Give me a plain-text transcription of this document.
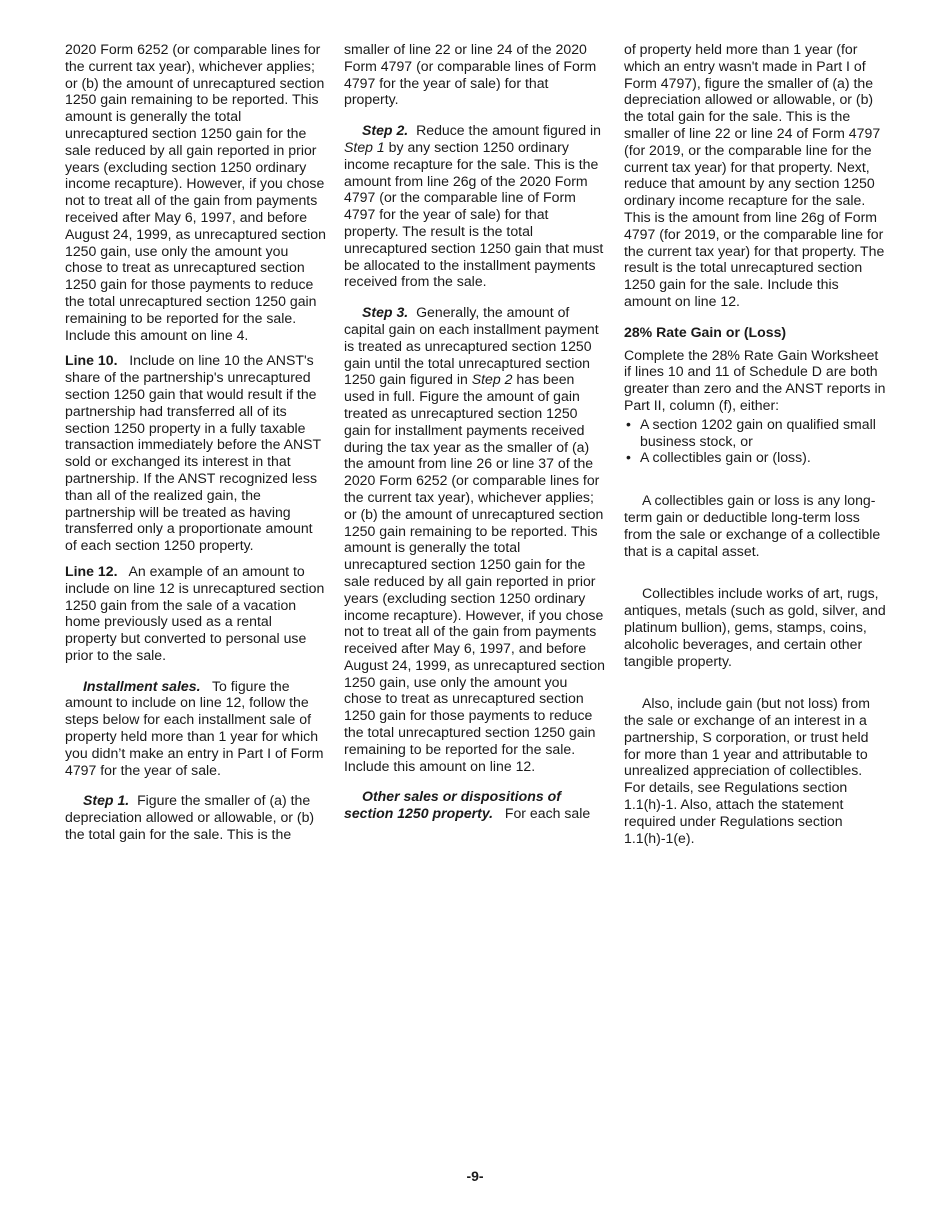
2020 Form 6252 (or comparable lines for the current tax year), whichever applies; or (b) the amount of unrecaptured section 1250 gain remaining to be reported. This amount is generally the total unrecaptured section 1250 gain for the sale reduced by all gain reported in prior years (excluding section 1250 ordinary income recapture). However, if you chose not to treat all of the gain from payments received after May 6, 1997, and before August 24, 1999, as unrecaptured section 1250 gain, use only the amount you chose to treat as unrecaptured section 1250 gain for those payments to reduce the total unrecaptured section 1250 gain remaining to be reported for the sale. Include this amount on line 4.

Line 10. Include on line 10 the ANST's share of the partnership's unrecaptured section 1250 gain that would result if the partnership had transferred all of its section 1250 property in a fully taxable transaction immediately before the ANST sold or exchanged its interest in that partnership. If the ANST recognized less than all of the realized gain, the partnership will be treated as having transferred only a proportionate amount of each section 1250 property.

Line 12. An example of an amount to include on line 12 is unrecaptured section 1250 gain from the sale of a vacation home previously used as a rental property but converted to personal use prior to the sale.

Installment sales. To figure the amount to include on line 12, follow the steps below for each installment sale of property held more than 1 year for which you didn’t make an entry in Part I of Form 4797 for the year of sale.

Step 1. Figure the smaller of (a) the depreciation allowed or allowable, or (b) the total gain for the sale. This is the

smaller of line 22 or line 24 of the 2020 Form 4797 (or comparable lines of Form 4797 for the year of sale) for that property.

Step 2. Reduce the amount figured in Step 1 by any section 1250 ordinary income recapture for the sale. This is the amount from line 26g of the 2020 Form 4797 (or the comparable line of Form 4797 for the year of sale) for that property. The result is the total unrecaptured section 1250 gain that must be allocated to the installment payments received from the sale.

Step 3. Generally, the amount of capital gain on each installment payment is treated as unrecaptured section 1250 gain until the total unrecaptured section 1250 gain figured in Step 2 has been used in full. Figure the amount of gain treated as unrecaptured section 1250 gain for installment payments received during the tax year as the smaller of (a) the amount from line 26 or line 37 of the 2020 Form 6252 (or comparable lines for the current tax year), whichever applies; or (b) the amount of unrecaptured section 1250 gain remaining to be reported. This amount is generally the total unrecaptured section 1250 gain for the sale reduced by all gain reported in prior years (excluding section 1250 ordinary income recapture). However, if you chose not to treat all of the gain from payments received after May 6, 1997, and before August 24, 1999, as unrecaptured section 1250 gain, use only the amount you chose to treat as unrecaptured section 1250 gain for those payments to reduce the total unrecaptured section 1250 gain remaining to be reported for the sale. Include this amount on line 12.

Other sales or dispositions of section 1250 property. For each sale

of property held more than 1 year (for which an entry wasn't made in Part I of Form 4797), figure the smaller of (a) the depreciation allowed or allowable, or (b) the total gain for the sale. This is the smaller of line 22 or line 24 of Form 4797 (for 2019, or the comparable line for the current tax year) for that property. Next, reduce that amount by any section 1250 ordinary income recapture for the sale. This is the amount from line 26g of Form 4797 (for 2019, or the comparable line for the current tax year) for that property. The result is the total unrecaptured section 1250 gain for the sale. Include this amount on line 12.

28% Rate Gain or (Loss)

Complete the 28% Rate Gain Worksheet if lines 10 and 11 of Schedule D are both greater than zero and the ANST reports in Part II, column (f), either:

• A section 1202 gain on qualified small business stock, or
• A collectibles gain or (loss).

A collectibles gain or loss is any long-term gain or deductible long-term loss from the sale or exchange of a collectible that is a capital asset.

Collectibles include works of art, rugs, antiques, metals (such as gold, silver, and platinum bullion), gems, stamps, coins, alcoholic beverages, and certain other tangible property.

Also, include gain (but not loss) from the sale or exchange of an interest in a partnership, S corporation, or trust held for more than 1 year and attributable to unrealized appreciation of collectibles. For details, see Regulations section 1.1(h)-1. Also, attach the statement required under Regulations section 1.1(h)-1(e).

-9-
